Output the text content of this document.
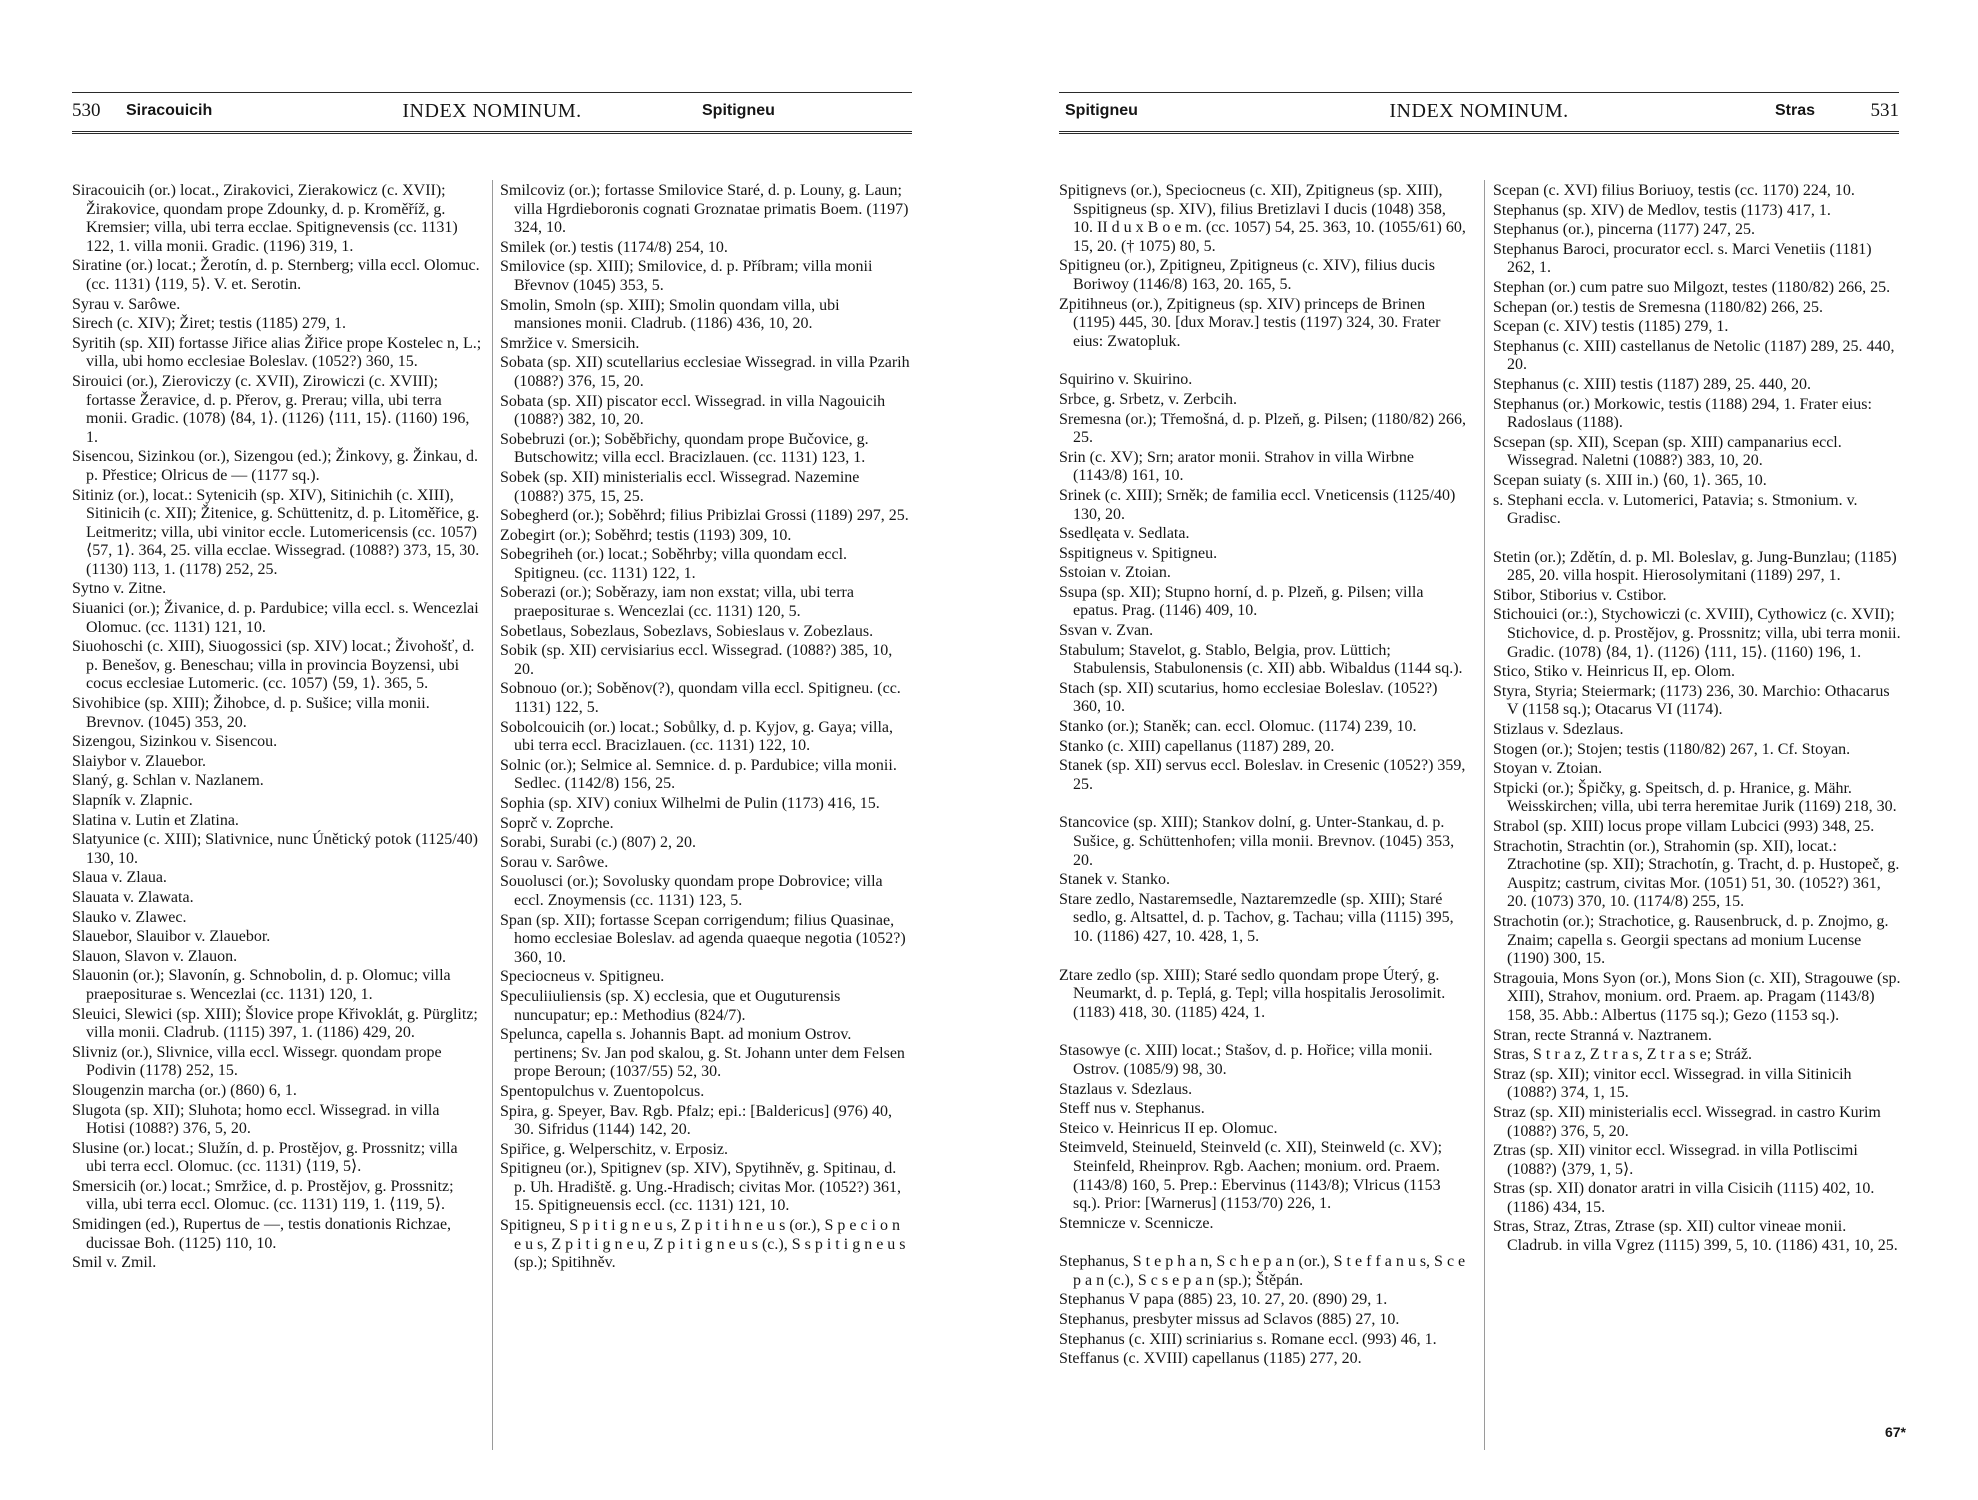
530 Siracouicih	INDEX NOMINUM.	Spitigneu

Siracouicih (or.) locat., Zirakovici, Zierakowicz (c. XVII); Žirakovice, quondam prope Zdounky, d. p. Kroměříž, g. Kremsier; villa, ubi terra ecclae. Spitignevensis (cc. 1131) 122, 1. villa monii. Gradic. (1196) 319, 1.

Siratine (or.) locat.; Žerotín, d. p. Sternberg; villa eccl. Olomuc. (cc. 1131) ⟨119, 5⟩. V. et. Serotin.

Syrau v. Sarôwe.

Sirech (c. XIV); Žiret; testis (1185) 279, 1.

Syritih (sp. XII) fortasse Jiřice alias Žiřice prope Kostelec n, L.; villa, ubi homo ecclesiae Boleslav. (1052?) 360, 15.

Sirouici (or.), Zieroviczy (c. XVII), Zirowiczi (c. XVIII); fortasse Žeravice, d. p. Přerov, g. Prerau; villa, ubi terra monii. Gradic. (1078) ⟨84, 1⟩. (1126) ⟨111, 15⟩. (1160) 196, 1.

Sisencou, Sizinkou (or.), Sizengou (ed.); Žinkovy, g. Žinkau, d. p. Přestice; Olricus de — (1177 sq.).

Sitiniz (or.), locat.: Sytenicih (sp. XIV), Sitinichih (c. XIII), Sitinicih (c. XII); Žitenice, g. Schüttenitz, d. p. Litoměřice, g. Leitmeritz; villa, ubi vinitor eccle. Lutomericensis (cc. 1057) ⟨57, 1⟩. 364, 25. villa ecclae. Wissegrad. (1088?) 373, 15, 30. (1130) 113, 1. (1178) 252, 25.

Sytno v. Zitne.

Siuanici (or.); Živanice, d. p. Pardubice; villa eccl. s. Wencezlai Olomuc. (cc. 1131) 121, 10.

Siuohoschi (c. XIII), Siuogossici (sp. XIV) locat.; Živohošť, d. p. Benešov, g. Beneschau; villa in provincia Boyzensi, ubi cocus ecclesiae Lutomeric. (cc. 1057) ⟨59, 1⟩. 365, 5.

Sivohibice (sp. XIII); Žihobce, d. p. Sušice; villa monii. Brevnov. (1045) 353, 20.

Sizengou, Sizinkou v. Sisencou.

Slaiybor v. Zlauebor.

Slaný, g. Schlan v. Nazlanem.

Slapník v. Zlapnic.

Slatina v. Lutin et Zlatina.

Slatyunice (c. XIII); Slativnice, nunc Únětický potok (1125/40) 130, 10.

Slaua v. Zlaua.

Slauata v. Zlawata.

Slauko v. Zlawec.

Slauebor, Slauibor v. Zlauebor.

Slauon, Slavon v. Zlauon.

Slauonin (or.); Slavonín, g. Schnobolin, d. p. Olomuc; villa praepositurae s. Wencezlai (cc. 1131) 120, 1.

Sleuici, Slewici (sp. XIII); Šlovice prope Křivoklát, g. Pürglitz; villa monii. Cladrub. (1115) 397, 1. (1186) 429, 20.

Slivniz (or.), Slivnice, villa eccl. Wissegr. quondam prope Podivin (1178) 252, 15.

Slougenzin marcha (or.) (860) 6, 1.

Slugota (sp. XII); Sluhota; homo eccl. Wissegrad. in villa Hotisi (1088?) 376, 5, 20.

Slusine (or.) locat.; Služín, d. p. Prostějov, g. Prossnitz; villa ubi terra eccl. Olomuc. (cc. 1131) ⟨119, 5⟩.

Smersicih (or.) locat.; Smržice, d. p. Prostějov, g. Prossnitz; villa, ubi terra eccl. Olomuc. (cc. 1131) 119, 1. ⟨119, 5⟩.

Smidingen (ed.), Rupertus de —, testis donationis Richzae, ducissae Boh. (1125) 110, 10.

Smil v. Zmil.

Smilcoviz (or.); fortasse Smilovice Staré, d. p. Louny, g. Laun; villa Hgrdieboronis cognati Groznatae primatis Boem. (1197) 324, 10.

Smilek (or.) testis (1174/8) 254, 10.

Smilovice (sp. XIII); Smilovice, d. p. Příbram; villa monii Břevnov (1045) 353, 5.

Smolin, Smoln (sp. XIII); Smolin quondam villa, ubi mansiones monii. Cladrub. (1186) 436, 10, 20.

Smržice v. Smersicih.

Sobata (sp. XII) scutellarius ecclesiae Wissegrad. in villa Pzarih (1088?) 376, 15, 20.

Sobata (sp. XII) piscator eccl. Wissegrad. in villa Nagouicih (1088?) 382, 10, 20.

Sobebruzi (or.); Soběbřichy, quondam prope Bučovice, g. Butschowitz; villa eccl. Bracizlauen. (cc. 1131) 123, 1.

Sobek (sp. XII) ministerialis eccl. Wissegrad. Nazemine (1088?) 375, 15, 25.

Sobegherd (or.); Soběhrd; filius Pribizlai Grossi (1189) 297, 25.

Zobegirt (or.); Soběhrd; testis (1193) 309, 10.

Sobegriheh (or.) locat.; Soběhrby; villa quondam eccl. Spitigneu. (cc. 1131) 122, 1.

Soberazi (or.); Soběrazy, iam non exstat; villa, ubi terra praepositurae s. Wencezlai (cc. 1131) 120, 5.

Sobetlaus, Sobezlaus, Sobezlavs, Sobieslaus v. Zobezlaus.

Sobik (sp. XII) cervisiarius eccl. Wissegrad. (1088?) 385, 10, 20.

Sobnouo (or.); Soběnov(?), quondam villa eccl. Spitigneu. (cc. 1131) 122, 5.

Sobolcouicih (or.) locat.; Sobůlky, d. p. Kyjov, g. Gaya; villa, ubi terra eccl. Bracizlauen. (cc. 1131) 122, 10.

Solnic (or.); Selmice al. Semnice. d. p. Pardubice; villa monii. Sedlec. (1142/8) 156, 25.

Sophia (sp. XIV) coniux Wilhelmi de Pulin (1173) 416, 15.

Soprč v. Zoprche.

Sorabi, Surabi (c.) (807) 2, 20.

Sorau v. Sarôwe.

Souolusci (or.); Sovolusky quondam prope Dobrovice; villa eccl. Znoymensis (cc. 1131) 123, 5.

Span (sp. XII); fortasse Scepan corrigendum; filius Quasinae, homo ecclesiae Boleslav. ad agenda quaeque negotia (1052?) 360, 10.

Speciocneus v. Spitigneu.

Speculiiuliensis (sp. X) ecclesia, que et Ouguturensis nuncupatur; ep.: Methodius (824/7).

Spelunca, capella s. Johannis Bapt. ad monium Ostrov. pertinens; Sv. Jan pod skalou, g. St. Johann unter dem Felsen prope Beroun; (1037/55) 52, 30.

Spentopulchus v. Zuentopolcus.

Spira, g. Speyer, Bav. Rgb. Pfalz; epi.: [Baldericus] (976) 40, 30. Sifridus (1144) 142, 20.

Spiřice, g. Welperschitz, v. Erposiz.

Spitigneu (or.), Spitignev (sp. XIV), Spytihněv, g. Spitinau, d. p. Uh. Hradiště. g. Ung.-Hradisch; civitas Mor. (1052?) 361, 15. Spitigneuensis eccl. (cc. 1131) 121, 10.

Spitigneu, S p i t i g n e u s, Z p i t i h n e u s (or.), S p e c i o n e u s, Z p i t i g n e u, Z p i t i g n e u s (c.), S s p i t i g n e u s (sp.); Spitihněv.

Spitigneu	INDEX NOMINUM.	Stras	531

Spitignevs (or.), Speciocneus (c. XII), Zpitigneus (sp. XIII), Sspitigneus (sp. XIV), filius Bretizlavi I ducis (1048) 358, 10. II d u x B o e m. (cc. 1057) 54, 25. 363, 10. (1055/61) 60, 15, 20. († 1075) 80, 5.

Spitigneu (or.), Zpitigneu, Zpitigneus (c. XIV), filius ducis Boriwoy (1146/8) 163, 20. 165, 5.

Zpitihneus (or.), Zpitigneus (sp. XIV) princeps de Brinen (1195) 445, 30. [dux Morav.] testis (1197) 324, 30. Frater eius: Zwatopluk.

Squirino v. Skuirino.

Srbce, g. Srbetz, v. Zerbcih.

Sremesna (or.); Třemošná, d. p. Plzeň, g. Pilsen; (1180/82) 266, 25.

Srin (c. XV); Srn; arator monii. Strahov in villa Wirbne (1143/8) 161, 10.

Srinek (c. XIII); Srněk; de familia eccl. Vneticensis (1125/40) 130, 20.

Ssedlęata v. Sedlata.

Sspitigneus v. Spitigneu.

Sstoian v. Ztoian.

Ssupa (sp. XII); Stupno horní, d. p. Plzeň, g. Pilsen; villa epatus. Prag. (1146) 409, 10.

Ssvan v. Zvan.

Stabulum; Stavelot, g. Stablo, Belgia, prov. Lüttich; Stabulensis, Stabulonensis (c. XII) abb. Wibaldus (1144 sq.).

Stach (sp. XII) scutarius, homo ecclesiae Boleslav. (1052?) 360, 10.

Stanko (or.); Staněk; can. eccl. Olomuc. (1174) 239, 10.

Stanko (c. XIII) capellanus (1187) 289, 20.

Stanek (sp. XII) servus eccl. Boleslav. in Cresenic (1052?) 359, 25.

Stancovice (sp. XIII); Stankov dolní, g. Unter-Stankau, d. p. Sušice, g. Schüttenhofen; villa monii. Brevnov. (1045) 353, 20.

Stanek v. Stanko.

Stare zedlo, Nastaremsedle, Naztaremzedle (sp. XIII); Staré sedlo, g. Altsattel, d. p. Tachov, g. Tachau; villa (1115) 395, 10. (1186) 427, 10. 428, 1, 5.

Ztare zedlo (sp. XIII); Staré sedlo quondam prope Úterý, g. Neumarkt, d. p. Teplá, g. Tepl; villa hospitalis Jerosolimit. (1183) 418, 30. (1185) 424, 1.

Stasowye (c. XIII) locat.; Stašov, d. p. Hořice; villa monii. Ostrov. (1085/9) 98, 30.

Stazlaus v. Sdezlaus.

Steff nus v. Stephanus.

Steico v. Heinricus II ep. Olomuc.

Steimveld, Steinueld, Steinveld (c. XII), Steinweld (c. XV); Steinfeld, Rheinprov. Rgb. Aachen; monium. ord. Praem. (1143/8) 160, 5. Prep.: Ebervinus (1143/8); Vlricus (1153 sq.). Prior: [Warnerus] (1153/70) 226, 1.

Stemnicze v. Scennicze.

Stephanus, S t e p h a n, S c h e p a n (or.), S t e f f a n u s, S c e p a n (c.), S c s e p a n (sp.); Štěpán.

Stephanus V papa (885) 23, 10. 27, 20. (890) 29, 1.

Stephanus, presbyter missus ad Sclavos (885) 27, 10.

Stephanus (c. XIII) scriniarius s. Romane eccl. (993) 46, 1.

Steffanus (c. XVIII) capellanus (1185) 277, 20.

Scepan (c. XVI) filius Boriuoy, testis (cc. 1170) 224, 10.

Stephanus (sp. XIV) de Medlov, testis (1173) 417, 1.

Stephanus (or.), pincerna (1177) 247, 25.

Stephanus Baroci, procurator eccl. s. Marci Venetiis (1181) 262, 1.

Stephan (or.) cum patre suo Milgozt, testes (1180/82) 266, 25.

Schepan (or.) testis de Sremesna (1180/82) 266, 25.

Scepan (c. XIV) testis (1185) 279, 1.

Stephanus (c. XIII) castellanus de Netolic (1187) 289, 25. 440, 20.

Stephanus (c. XIII) testis (1187) 289, 25. 440, 20.

Stephanus (or.) Morkowic, testis (1188) 294, 1. Frater eius: Radoslaus (1188).

Scsepan (sp. XII), Scepan (sp. XIII) campanarius eccl. Wissegrad. Naletni (1088?) 383, 10, 20.

Scepan suiaty (s. XIII in.) ⟨60, 1⟩. 365, 10.

s. Stephani eccla. v. Lutomerici, Patavia; s. Stmonium. v. Gradisc.

Stetin (or.); Zdětín, d. p. Ml. Boleslav, g. Jung-Bunzlau; (1185) 285, 20. villa hospit. Hierosolymitani (1189) 297, 1.

Stibor, Stiborius v. Cstibor.

Stichouici (or.:), Stychowiczi (c. XVIII), Cythowicz (c. XVII); Stichovice, d. p. Prostějov, g. Prossnitz; villa, ubi terra monii. Gradic. (1078) ⟨84, 1⟩. (1126) ⟨111, 15⟩. (1160) 196, 1.

Stico, Stiko v. Heinricus II, ep. Olom.

Styra, Styria; Steiermark; (1173) 236, 30. Marchio: Othacarus V (1158 sq.); Otacarus VI (1174).

Stizlaus v. Sdezlaus.

Stogen (or.); Stojen; testis (1180/82) 267, 1. Cf. Stoyan.

Stoyan v. Ztoian.

Stpicki (or.); Špičky, g. Speitsch, d. p. Hranice, g. Mähr. Weisskirchen; villa, ubi terra heremitae Jurik (1169) 218, 30.

Strabol (sp. XIII) locus prope villam Lubcici (993) 348, 25.

Strachotin, Strachtin (or.), Strahomin (sp. XII), locat.: Ztrachotine (sp. XII); Strachotín, g. Tracht, d. p. Hustopeč, g. Auspitz; castrum, civitas Mor. (1051) 51, 30. (1052?) 361, 20. (1073) 370, 10. (1174/8) 255, 15.

Strachotin (or.); Strachotice, g. Rausenbruck, d. p. Znojmo, g. Znaim; capella s. Georgii spectans ad monium Lucense (1190) 300, 15.

Stragouia, Mons Syon (or.), Mons Sion (c. XII), Stragouwe (sp. XIII), Strahov, monium. ord. Praem. ap. Pragam (1143/8) 158, 35. Abb.: Albertus (1175 sq.); Gezo (1153 sq.).

Stran, recte Stranná v. Naztranem.

Stras, S t r a z, Z t r a s, Z t r a s e; Stráž.

Straz (sp. XII); vinitor eccl. Wissegrad. in villa Sitinicih (1088?) 374, 1, 15.

Straz (sp. XII) ministerialis eccl. Wissegrad. in castro Kurim (1088?) 376, 5, 20.

Ztras (sp. XII) vinitor eccl. Wissegrad. in villa Potliscimi (1088?) ⟨379, 1, 5⟩.

Stras (sp. XII) donator aratri in villa Cisicih (1115) 402, 10. (1186) 434, 15.

Stras, Straz, Ztras, Ztrase (sp. XII) cultor vineae monii. Cladrub. in villa Vgrez (1115) 399, 5, 10. (1186) 431, 10, 25.

67*
